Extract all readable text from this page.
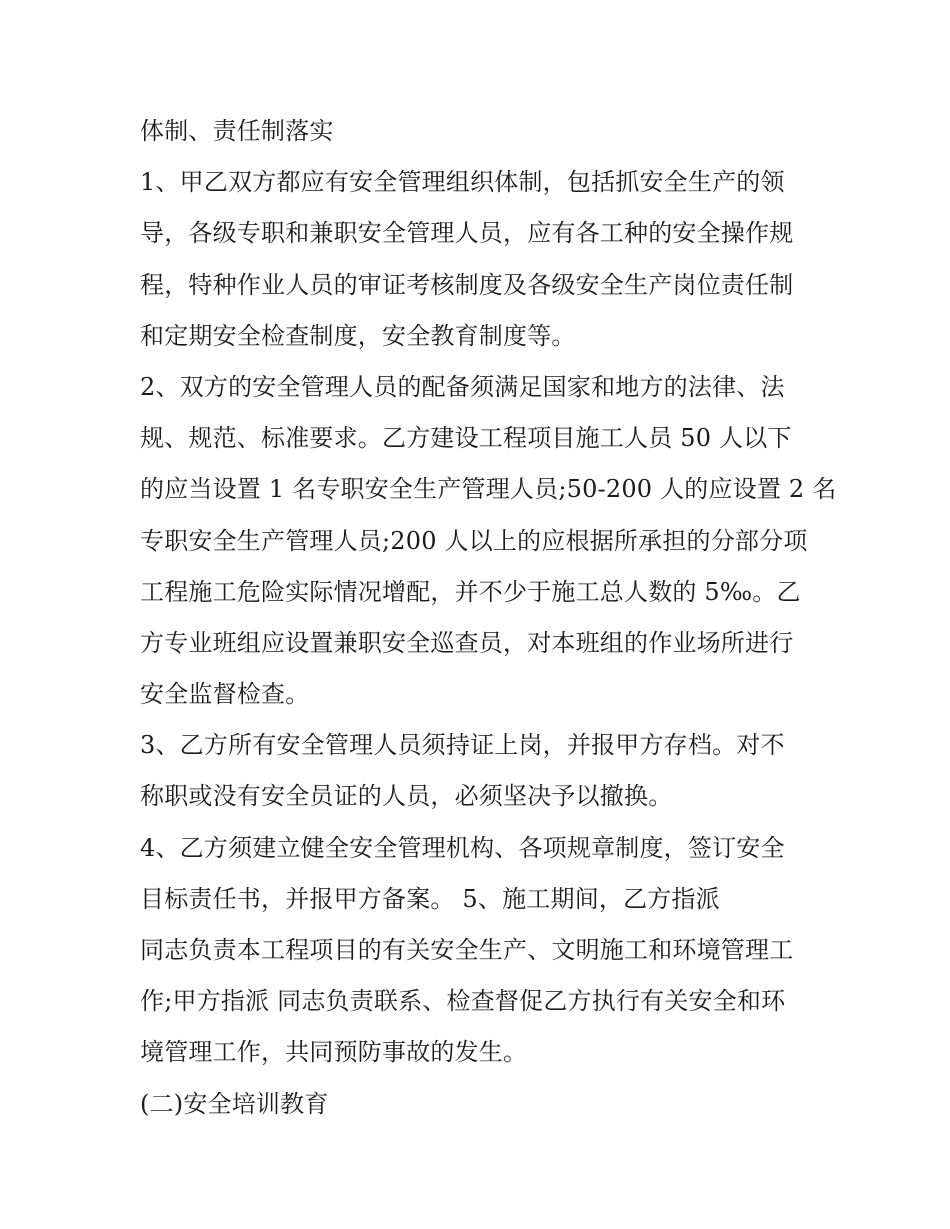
体制、责任制落实
1、甲乙双方都应有安全管理组织体制，包括抓安全生产的领
导，各级专职和兼职安全管理人员，应有各工种的安全操作规
程，特种作业人员的审证考核制度及各级安全生产岗位责任制
和定期安全检查制度，安全教育制度等。
2、双方的安全管理人员的配备须满足国家和地方的法律、法
规、规范、标准要求。乙方建设工程项目施工人员 50 人以下
的应当设置 1 名专职安全生产管理人员;50-200 人的应设置 2 名
专职安全生产管理人员;200 人以上的应根据所承担的分部分项
工程施工危险实际情况增配，并不少于施工总人数的 5‰。乙
方专业班组应设置兼职安全巡查员，对本班组的作业场所进行
安全监督检查。
3、乙方所有安全管理人员须持证上岗，并报甲方存档。对不
称职或没有安全员证的人员，必须坚决予以撤换。
4、乙方须建立健全安全管理机构、各项规章制度，签订安全
目标责任书，并报甲方备案。 5、施工期间，乙方指派
同志负责本工程项目的有关安全生产、文明施工和环境管理工
作;甲方指派 同志负责联系、检查督促乙方执行有关安全和环
境管理工作，共同预防事故的发生。
(二)安全培训教育
